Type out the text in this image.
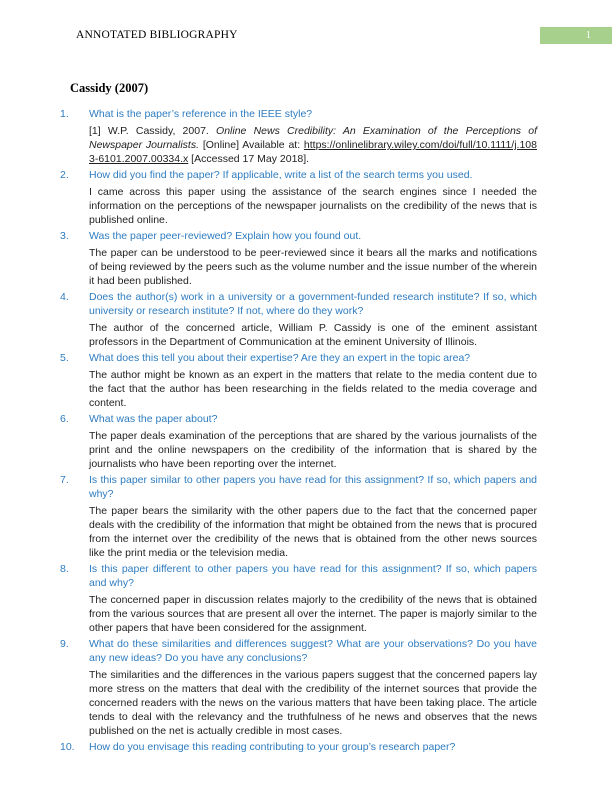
ANNOTATED BIBLIOGRAPHY	1
Cassidy (2007)
1.	What is the paper’s reference in the IEEE style?

[1] W.P. Cassidy, 2007. Online News Credibility: An Examination of the Perceptions of Newspaper Journalists. [Online] Available at: https://onlinelibrary.wiley.com/doi/full/10.1111/j.1083-6101.2007.00334.x [Accessed 17 May 2018].

2.	How did you find the paper? If applicable, write a list of the search terms you used.

I came across this paper using the assistance of the search engines since I needed the information on the perceptions of the newspaper journalists on the credibility of the news that is published online.

3.	Was the paper peer-reviewed? Explain how you found out.

The paper can be understood to be peer-reviewed since it bears all the marks and notifications of being reviewed by the peers such as the volume number and the issue number of the wherein it had been published.

4.	Does the author(s) work in a university or a government-funded research institute? If so, which university or research institute? If not, where do they work?

The author of the concerned article, William P. Cassidy is one of the eminent assistant professors in the Department of Communication at the eminent University of Illinois.

5.	What does this tell you about their expertise? Are they an expert in the topic area?

The author might be known as an expert in the matters that relate to the media content due to the fact that the author has been researching in the fields related to the media coverage and content.

6.	What was the paper about?

The paper deals examination of the perceptions that are shared by the various journalists of the print and the online newspapers on the credibility of the information that is shared by the journalists who have been reporting over the internet.

7.	Is this paper similar to other papers you have read for this assignment? If so, which papers and why?

The paper bears the similarity with the other papers due to the fact that the concerned paper deals with the credibility of the information that might be obtained from the news that is procured from the internet over the credibility of the news that is obtained from the other news sources like the print media or the television media.

8.	Is this paper different to other papers you have read for this assignment? If so, which papers and why?

The concerned paper in discussion relates majorly to the credibility of the news that is obtained from the various sources that are present all over the internet. The paper is majorly similar to the other papers that have been considered for the assignment.

9.	What do these similarities and differences suggest? What are your observations? Do you have any new ideas? Do you have any conclusions?

The similarities and the differences in the various papers suggest that the concerned papers lay more stress on the matters that deal with the credibility of the internet sources that provide the concerned readers with the news on the various matters that have been taking place. The article tends to deal with the relevancy and the truthfulness of he news and observes that the news published on the net is actually credible in most cases.

10.	How do you envisage this reading contributing to your group’s research paper?
